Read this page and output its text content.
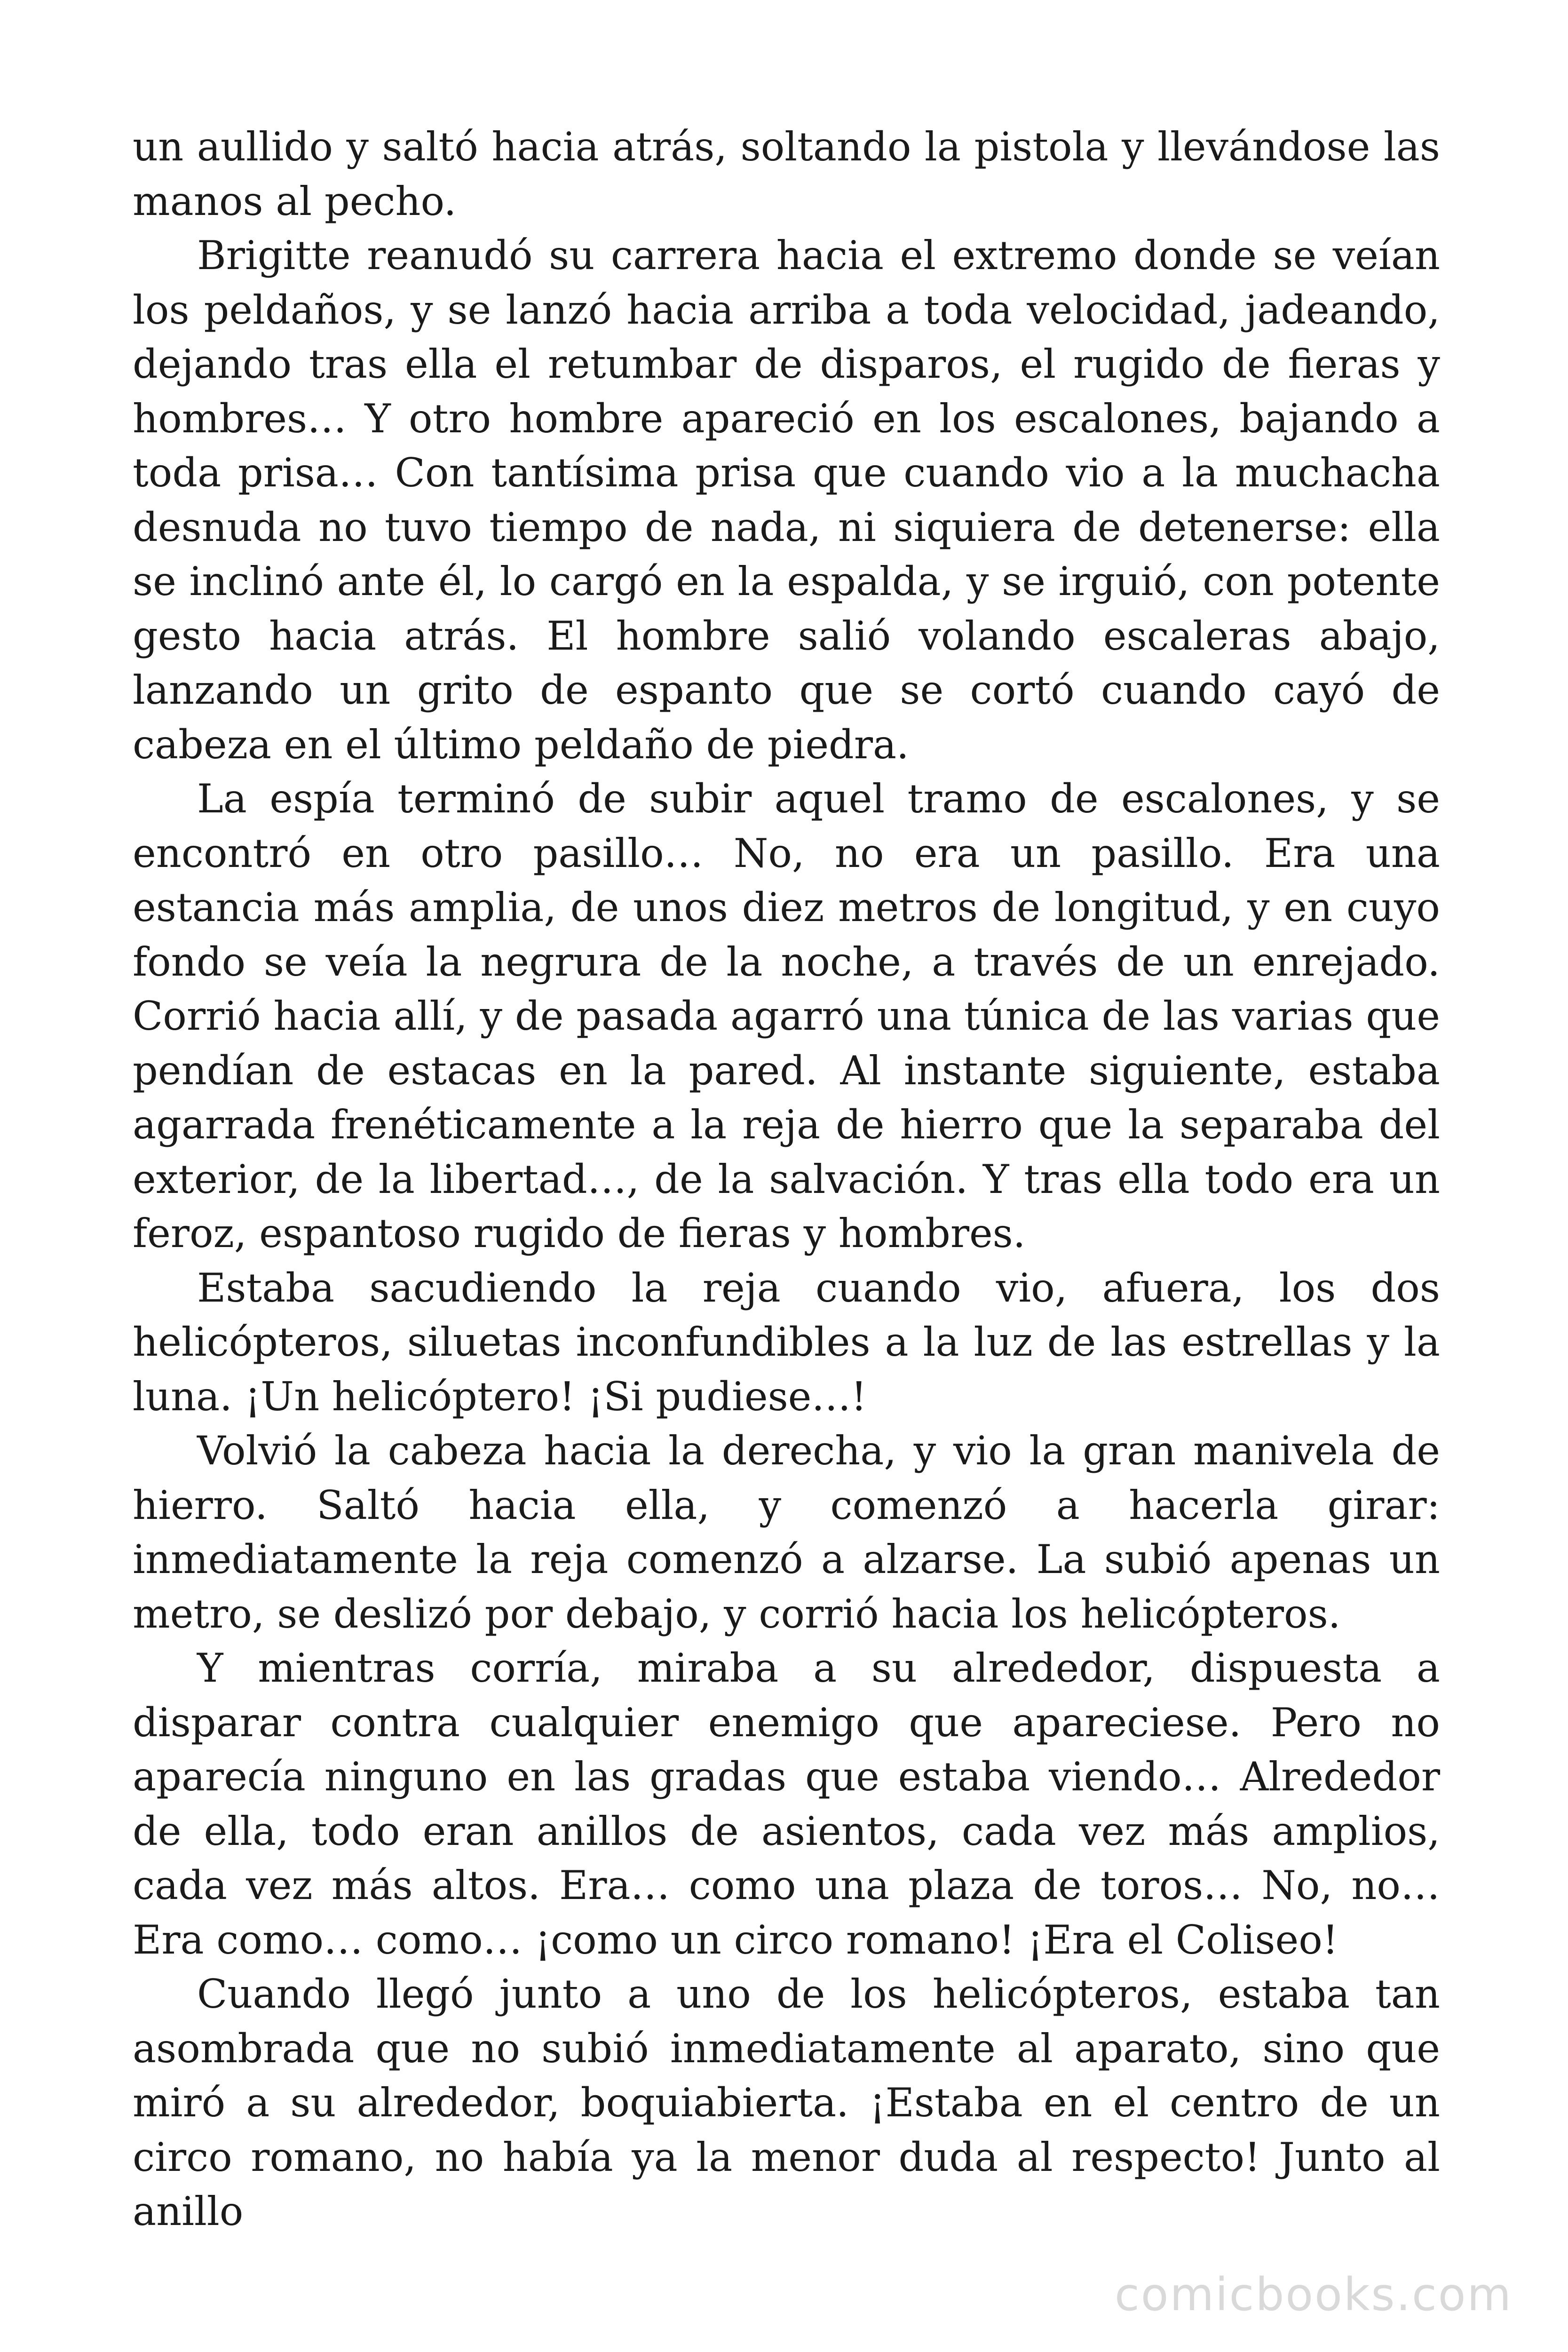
un aullido y saltó hacia atrás, soltando la pistola y llevándose las manos al pecho.

Brigitte reanudó su carrera hacia el extremo donde se veían los peldaños, y se lanzó hacia arriba a toda velocidad, jadeando, dejando tras ella el retumbar de disparos, el rugido de fieras y hombres… Y otro hombre apareció en los escalones, bajando a toda prisa… Con tantísima prisa que cuando vio a la muchacha desnuda no tuvo tiempo de nada, ni siquiera de detenerse: ella se inclinó ante él, lo cargó en la espalda, y se irguió, con potente gesto hacia atrás. El hombre salió volando escaleras abajo, lanzando un grito de espanto que se cortó cuando cayó de cabeza en el último peldaño de piedra.

La espía terminó de subir aquel tramo de escalones, y se encontró en otro pasillo… No, no era un pasillo. Era una estancia más amplia, de unos diez metros de longitud, y en cuyo fondo se veía la negrura de la noche, a través de un enrejado. Corrió hacia allí, y de pasada agarró una túnica de las varias que pendían de estacas en la pared. Al instante siguiente, estaba agarrada frenéticamente a la reja de hierro que la separaba del exterior, de la libertad…, de la salvación. Y tras ella todo era un feroz, espantoso rugido de fieras y hombres.

Estaba sacudiendo la reja cuando vio, afuera, los dos helicópteros, siluetas inconfundibles a la luz de las estrellas y la luna. ¡Un helicóptero! ¡Si pudiese…!

Volvió la cabeza hacia la derecha, y vio la gran manivela de hierro. Saltó hacia ella, y comenzó a hacerla girar: inmediatamente la reja comenzó a alzarse. La subió apenas un metro, se deslizó por debajo, y corrió hacia los helicópteros.

Y mientras corría, miraba a su alrededor, dispuesta a disparar contra cualquier enemigo que apareciese. Pero no aparecía ninguno en las gradas que estaba viendo… Alrededor de ella, todo eran anillos de asientos, cada vez más amplios, cada vez más altos. Era… como una plaza de toros… No, no… Era como… como… ¡como un circo romano! ¡Era el Coliseo!

Cuando llegó junto a uno de los helicópteros, estaba tan asombrada que no subió inmediatamente al aparato, sino que miró a su alrededor, boquiabierta. ¡Estaba en el centro de un circo romano, no había ya la menor duda al respecto! Junto al anillo

comicbooks.com
